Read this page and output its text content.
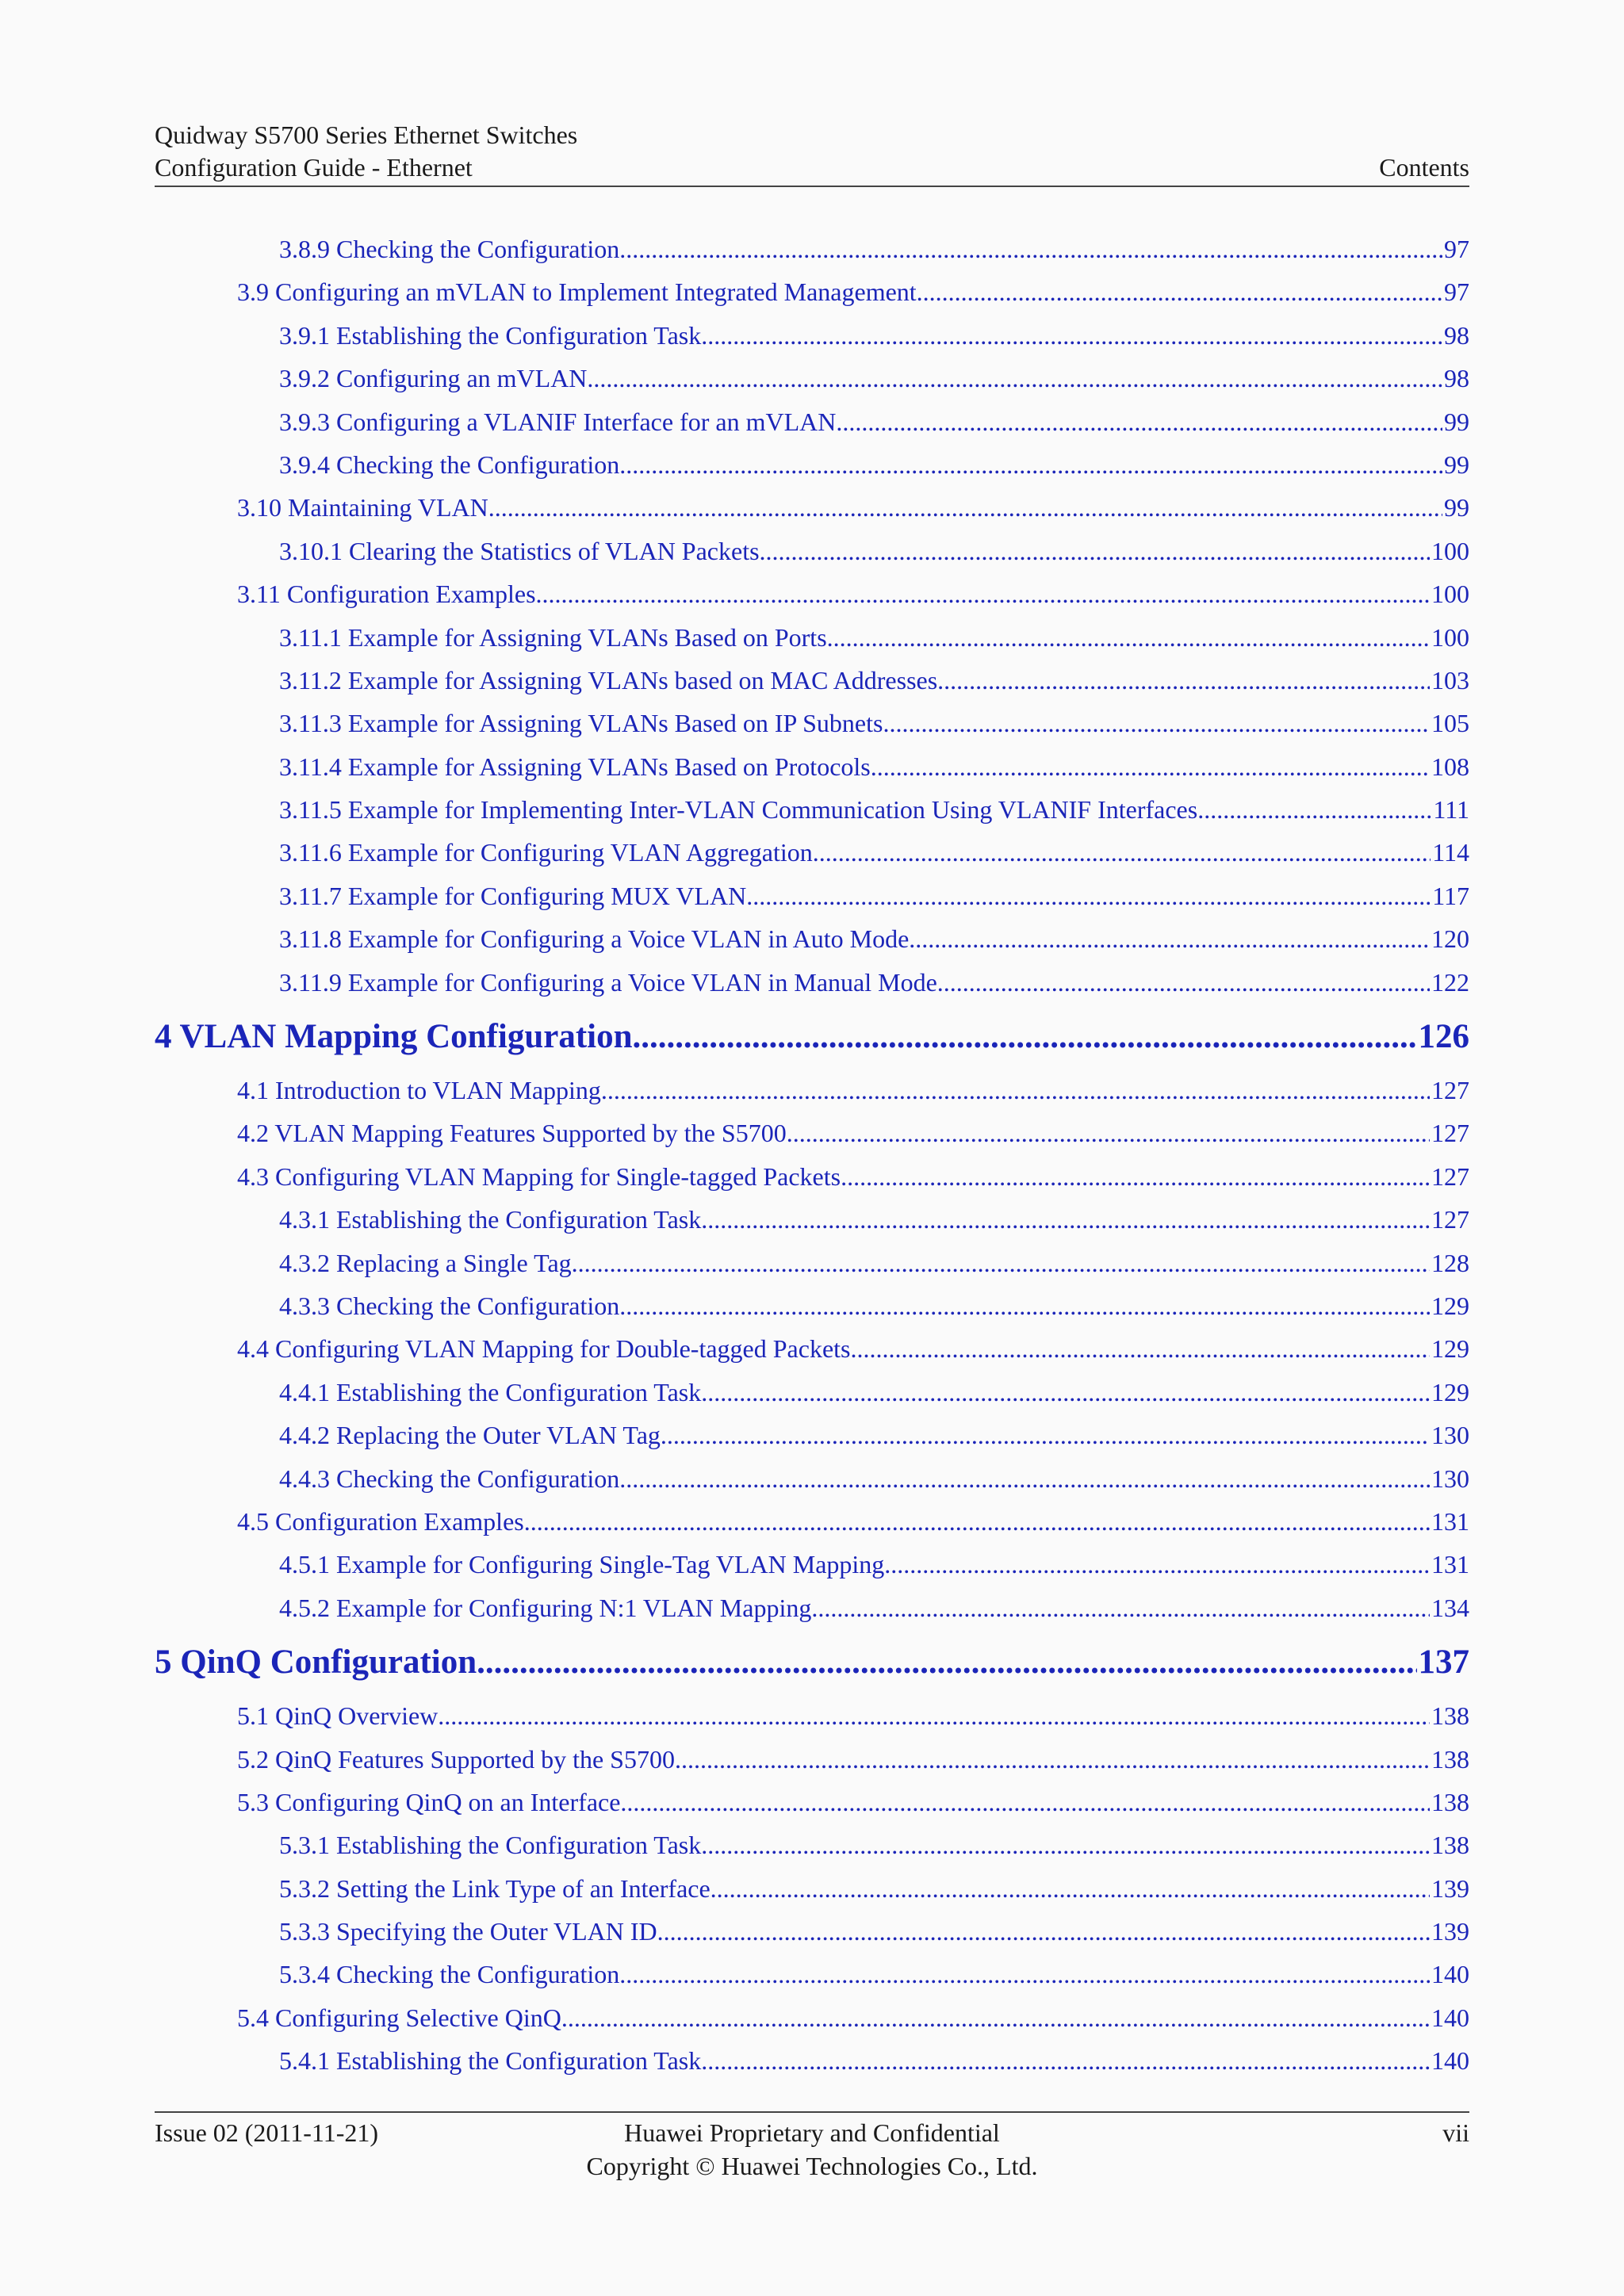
Quidway S5700 Series Ethernet Switches
Configuration Guide - Ethernet	Contents
3.8.9 Checking the Configuration .....	97
3.9 Configuring an mVLAN to Implement Integrated Management .....	97
3.9.1 Establishing the Configuration Task .....	98
3.9.2 Configuring an mVLAN .....	98
3.9.3 Configuring a VLANIF Interface for an mVLAN .....	99
3.9.4 Checking the Configuration .....	99
3.10 Maintaining VLAN .....	99
3.10.1 Clearing the Statistics of VLAN Packets .....	100
3.11 Configuration Examples .....	100
3.11.1 Example for Assigning VLANs Based on Ports .....	100
3.11.2 Example for Assigning VLANs based on MAC Addresses .....	103
3.11.3 Example for Assigning VLANs Based on IP Subnets .....	105
3.11.4 Example for Assigning VLANs Based on Protocols .....	108
3.11.5 Example for Implementing Inter-VLAN Communication Using VLANIF Interfaces .....	111
3.11.6 Example for Configuring VLAN Aggregation .....	114
3.11.7 Example for Configuring MUX VLAN .....	117
3.11.8 Example for Configuring a Voice VLAN in Auto Mode .....	120
3.11.9 Example for Configuring a Voice VLAN in Manual Mode .....	122
4 VLAN Mapping Configuration .....	126
4.1 Introduction to VLAN Mapping .....	127
4.2 VLAN Mapping Features Supported by the S5700 .....	127
4.3 Configuring VLAN Mapping for Single-tagged Packets .....	127
4.3.1 Establishing the Configuration Task .....	127
4.3.2 Replacing a Single Tag .....	128
4.3.3 Checking the Configuration .....	129
4.4 Configuring VLAN Mapping for Double-tagged Packets .....	129
4.4.1 Establishing the Configuration Task .....	129
4.4.2 Replacing the Outer VLAN Tag .....	130
4.4.3 Checking the Configuration .....	130
4.5 Configuration Examples .....	131
4.5.1 Example for Configuring Single-Tag VLAN Mapping .....	131
4.5.2 Example for Configuring N:1 VLAN Mapping .....	134
5 QinQ Configuration .....	137
5.1 QinQ Overview .....	138
5.2 QinQ Features Supported by the S5700 .....	138
5.3 Configuring QinQ on an Interface .....	138
5.3.1 Establishing the Configuration Task .....	138
5.3.2 Setting the Link Type of an Interface .....	139
5.3.3 Specifying the Outer VLAN ID .....	139
5.3.4 Checking the Configuration .....	140
5.4 Configuring Selective QinQ .....	140
5.4.1 Establishing the Configuration Task .....	140
Issue 02 (2011-11-21)	Huawei Proprietary and Confidential	vii
Copyright © Huawei Technologies Co., Ltd.
